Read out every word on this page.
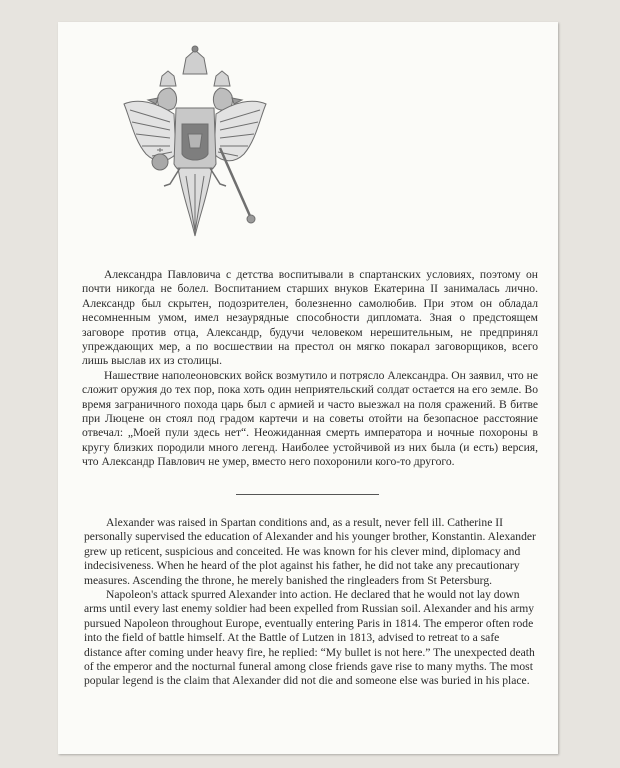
Александра Павловича с детства воспитывали в спартанских условиях, поэтому он почти никогда не болел. Воспитанием старших внуков Екатерина II занималась лично. Александр был скрытен, подозрителен, болезненно самолюбив. При этом он обладал несомненным умом, имел незаурядные способности дипломата. Зная о предстоящем заговоре против отца, Александр, будучи человеком нерешительным, не предпринял упреждающих мер, а по восшествии на престол он мягко покарал заговорщиков, всего лишь выслав их из столицы.

Нашествие наполеоновских войск возмутило и потрясло Александра. Он заявил, что не сложит оружия до тех пор, пока хоть один неприятельский солдат остается на его земле. Во время заграничного похода царь был с армией и часто выезжал на поля сражений. В битве при Люцене он стоял под градом картечи и на советы отойти на безопасное расстояние отвечал: „Моей пули здесь нет“. Неожиданная смерть императора и ночные похороны в кругу близких породили много легенд. Наиболее устойчивой из них была (и есть) версия, что Александр Павлович не умер, вместо него похоронили кого-то другого.

Alexander was raised in Spartan conditions and, as a result, never fell ill. Catherine II personally supervised the education of Alexander and his younger brother, Konstantin. Alexander grew up reticent, suspicious and conceited. He was known for his clever mind, diplomacy and indecisiveness. When he heard of the plot against his father, he did not take any precautionary measures. Ascending the throne, he merely banished the ringleaders from St Petersburg.

Napoleon's attack spurred Alexander into action. He declared that he would not lay down arms until every last enemy soldier had been expelled from Russian soil. Alexander and his army pursued Napoleon throughout Europe, eventually entering Paris in 1814. The emperor often rode into the field of battle himself. At the Battle of Lutzen in 1813, advised to retreat to a safe distance after coming under heavy fire, he replied: “My bullet is not here.” The unexpected death of the emperor and the nocturnal funeral among close friends gave rise to many myths. The most popular legend is the claim that Alexander did not die and someone else was buried in his place.
